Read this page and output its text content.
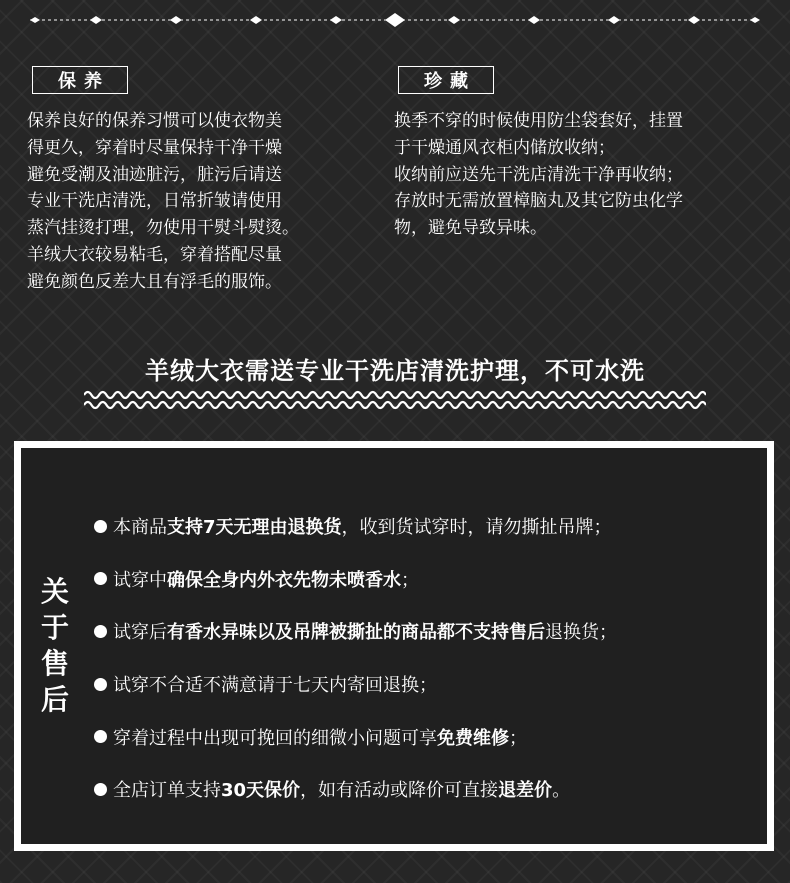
保养
保养良好的保养习惯可以使衣物美
得更久，穿着时尽量保持干净干燥
避免受潮及油迹脏污，脏污后请送
专业干洗店清洗，日常折皱请使用
蒸汽挂烫打理，勿使用干熨斗熨烫。
羊绒大衣较易粘毛，穿着搭配尽量
避免颜色反差大且有浮毛的服饰。
珍藏
换季不穿的时候使用防尘袋套好，挂置
于干燥通风衣柜内储放收纳；
收纳前应送先干洗店清洗干净再收纳；
存放时无需放置樟脑丸及其它防虫化学
物，避免导致异味。
羊绒大衣需送专业干洗店清洗护理，不可水洗
关
于
售
后
本商品 支持7天无理由退换货 ，收到货试穿时，请勿撕扯吊牌；
试穿中 确保全身内外衣先物未喷香水 ；
试穿后 有香水异味以及吊牌被撕扯的商品都不支持售后 退换货；
试穿不合适不满意请于七天内寄回退换；
穿着过程中出现可挽回的细微小问题可享 免费维修 ；
全店订单支持 30天保价 ，如有活动或降价可直接 退差价 。
